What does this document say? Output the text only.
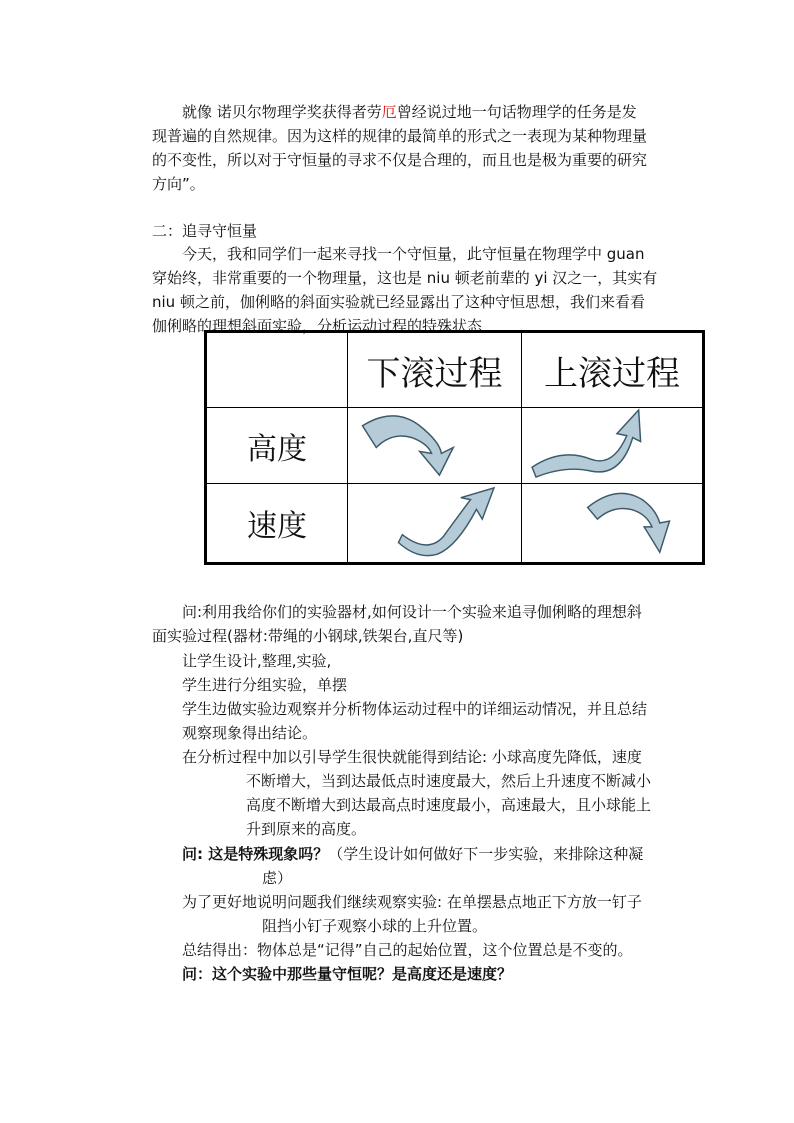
就像 诺贝尔物理学奖获得者劳厄曾经说过地一句话物理学的任务是发
现普遍的自然规律。因为这样的规律的最简单的形式之一表现为某种物理量
的不变性，所以对于守恒量的寻求不仅是合理的，而且也是极为重要的研究
方向”。
二：追寻守恒量
今天，我和同学们一起来寻找一个守恒量，此守恒量在物理学中 guan
穿始终，非常重要的一个物理量，这也是 niu 顿老前辈的 yi 汉之一，其实有
niu 顿之前，伽俐略的斜面实验就已经显露出了这种守恒思想，我们来看看
伽俐略的理想斜面实验，分析运动过程的特殊状态
	下滚过程	上滚过程
高度	

速度	

问:利用我给你们的实验器材,如何设计一个实验来追寻伽俐略的理想斜
面实验过程(器材:带绳的小钢球,铁架台,直尺等)
让学生设计,整理,实验,
学生进行分组实验，单摆
学生边做实验边观察并分析物体运动过程中的详细运动情况，并且总结
观察现象得出结论。
在分析过程中加以引导学生很快就能得到结论: 小球高度先降低，速度
不断增大，当到达最低点时速度最大，然后上升速度不断减小
高度不断增大到达最高点时速度最小，高速最大，且小球能上
升到原来的高度。
问: 这是特殊现象吗？（学生设计如何做好下一步实验，来排除这种凝
虑）
为了更好地说明问题我们继续观察实验: 在单摆悬点地正下方放一钉子
阻挡小钉子观察小球的上升位置。
总结得出：物体总是“记得”自己的起始位置，这个位置总是不变的。
问：这个实验中那些量守恒呢？是高度还是速度？
